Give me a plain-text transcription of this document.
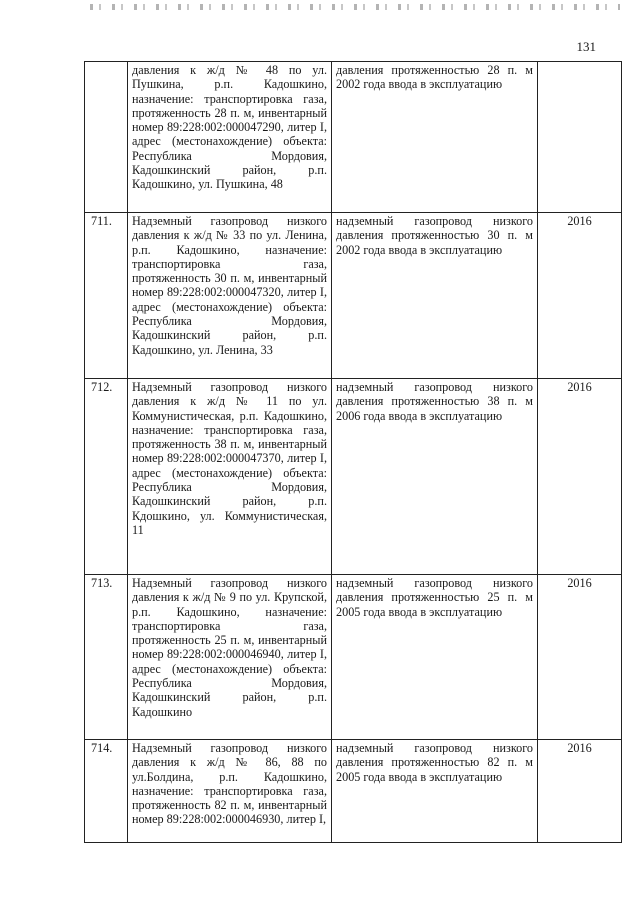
131
	давления к ж/д № 48 по ул. Пушкина, р.п. Кадошкино, назначение: транспортировка газа, протяженность 28 п. м, инвентарный номер 89:228:002:000047290, литер I, адрес (местонахождение) объекта: Республика Мордовия, Кадошкинский район, р.п. Кадошкино, ул. Пушкина, 48	давления протяженностью 28 п. м 2002 года ввода в эксплуатацию	
711.	Надземный газопровод низкого давления к ж/д № 33 по ул. Ленина, р.п. Кадошкино, назначение: транспортировка газа, протяженность 30 п. м, инвентарный номер 89:228:002:000047320, литер I, адрес (местонахождение) объекта: Республика Мордовия, Кадошкинский район, р.п. Кадошкино, ул. Ленина, 33	надземный газопровод низкого давления протяженностью 30 п. м 2002 года ввода в эксплуатацию	2016
712.	Надземный газопровод низкого давления к ж/д № 11 по ул. Коммунистическая, р.п. Кадошкино, назначение: транспортировка газа, протяженность 38 п. м, инвентарный номер 89:228:002:000047370, литер I, адрес (местонахождение) объекта: Республика Мордовия, Кадошкинский район, р.п. Кдошкино, ул. Коммунистическая, 11	надземный газопровод низкого давления протяженностью 38 п. м 2006 года ввода в эксплуатацию	2016
713.	Надземный газопровод низкого давления к ж/д № 9 по ул. Крупской, р.п. Кадошкино, назначение: транспортировка газа, протяженность 25 п. м, инвентарный номер 89:228:002:000046940, литер I, адрес (местонахождение) объекта: Республика Мордовия, Кадошкинский район, р.п. Кадошкино	надземный газопровод низкого давления протяженностью 25 п. м 2005 года ввода в эксплуатацию	2016
714.	Надземный газопровод низкого давления к ж/д № 86, 88 по ул.Болдина, р.п. Кадошкино, назначение: транспортировка газа, протяженность 82 п. м, инвентарный номер 89:228:002:000046930, литер I,	надземный газопровод низкого давления протяженностью 82 п. м 2005 года ввода в эксплуатацию	2016
